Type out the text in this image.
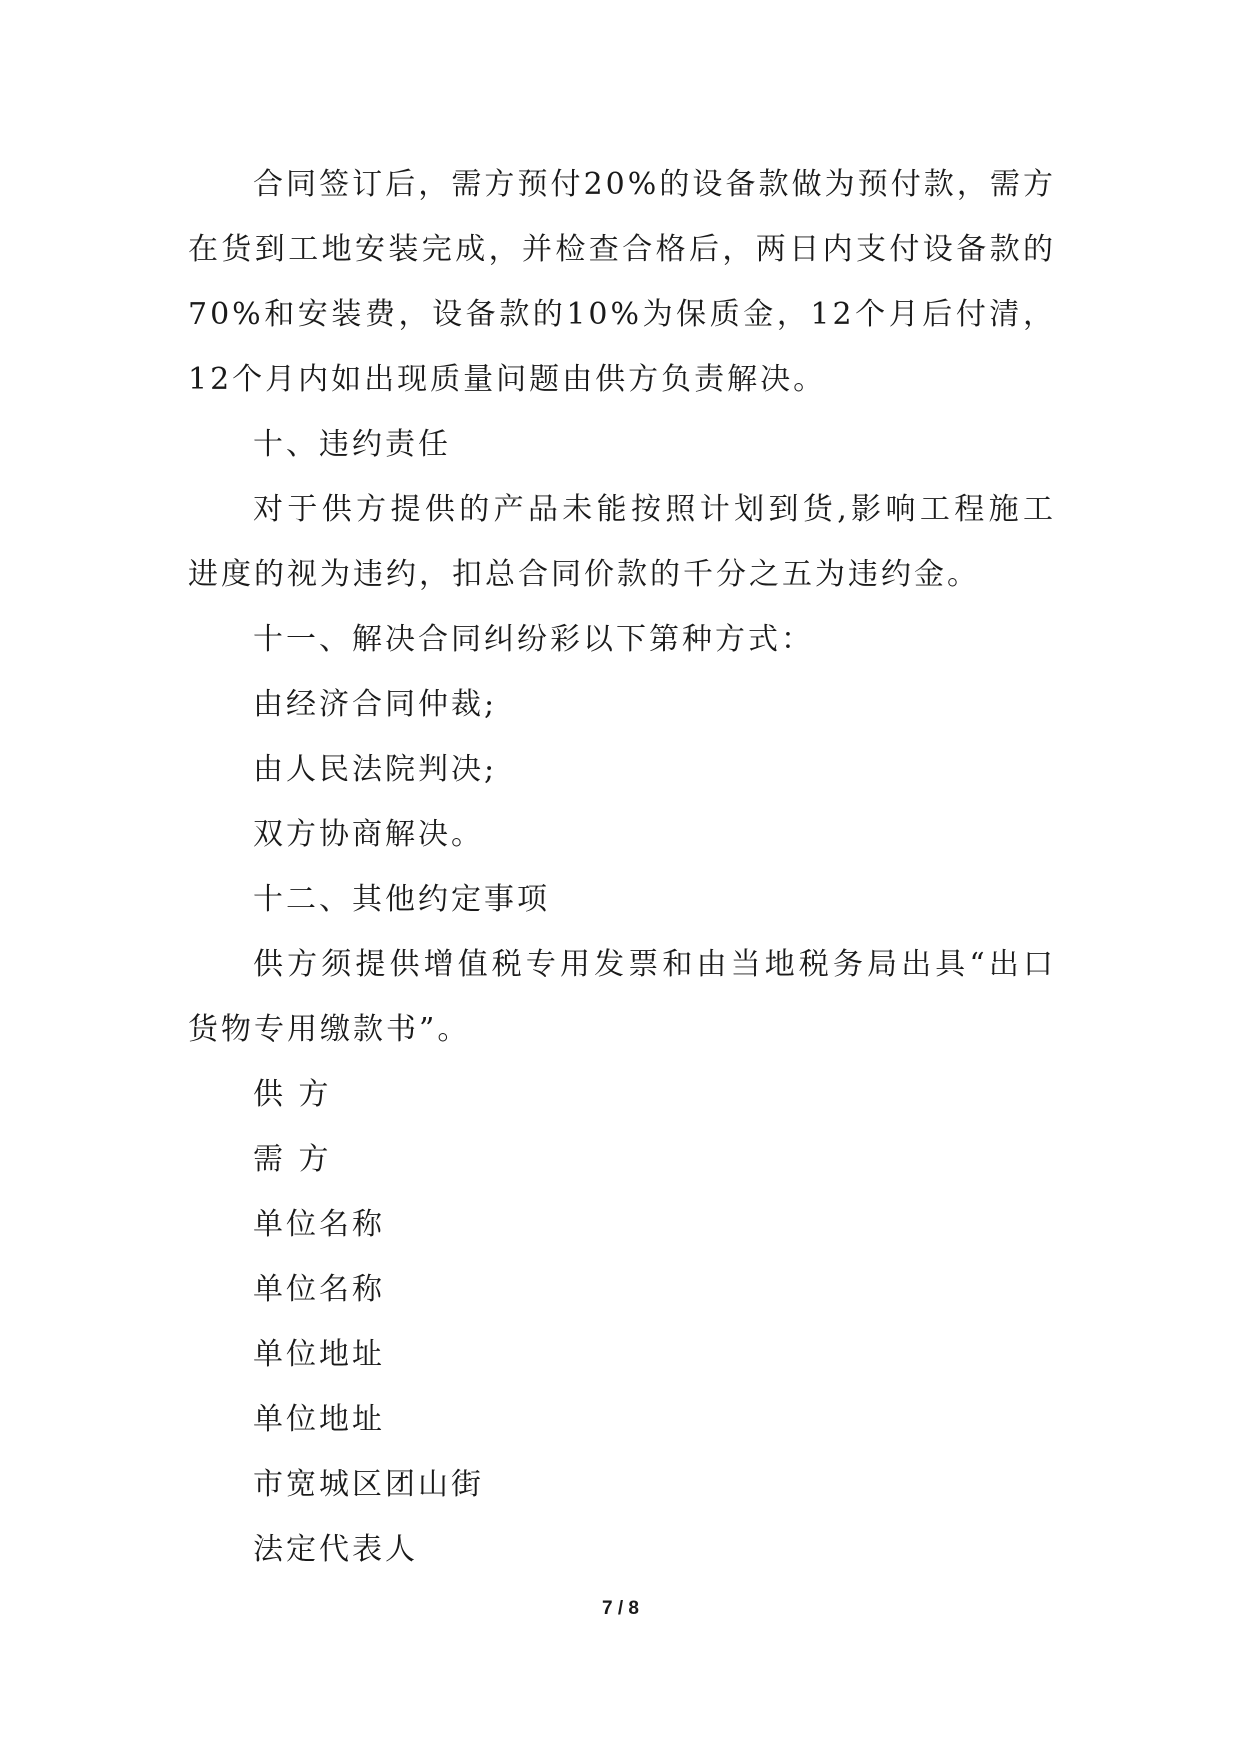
合同签订后，需方预付20%的设备款做为预付款，需方在货到工地安装完成，并检查合格后，两日内支付设备款的70%和安装费，设备款的10%为保质金，12个月后付清，12个月内如出现质量问题由供方负责解决。

十、违约责任

对于供方提供的产品未能按照计划到货,影响工程施工进度的视为违约，扣总合同价款的千分之五为违约金。

十一、解决合同纠纷彩以下第种方式：

由经济合同仲裁;

由人民法院判决;

双方协商解决。

十二、其他约定事项

供方须提供增值税专用发票和由当地税务局出具“出口货物专用缴款书”。

供 方

需 方

单位名称

单位名称

单位地址

单位地址

市宽城区团山街

法定代表人

7 / 8
